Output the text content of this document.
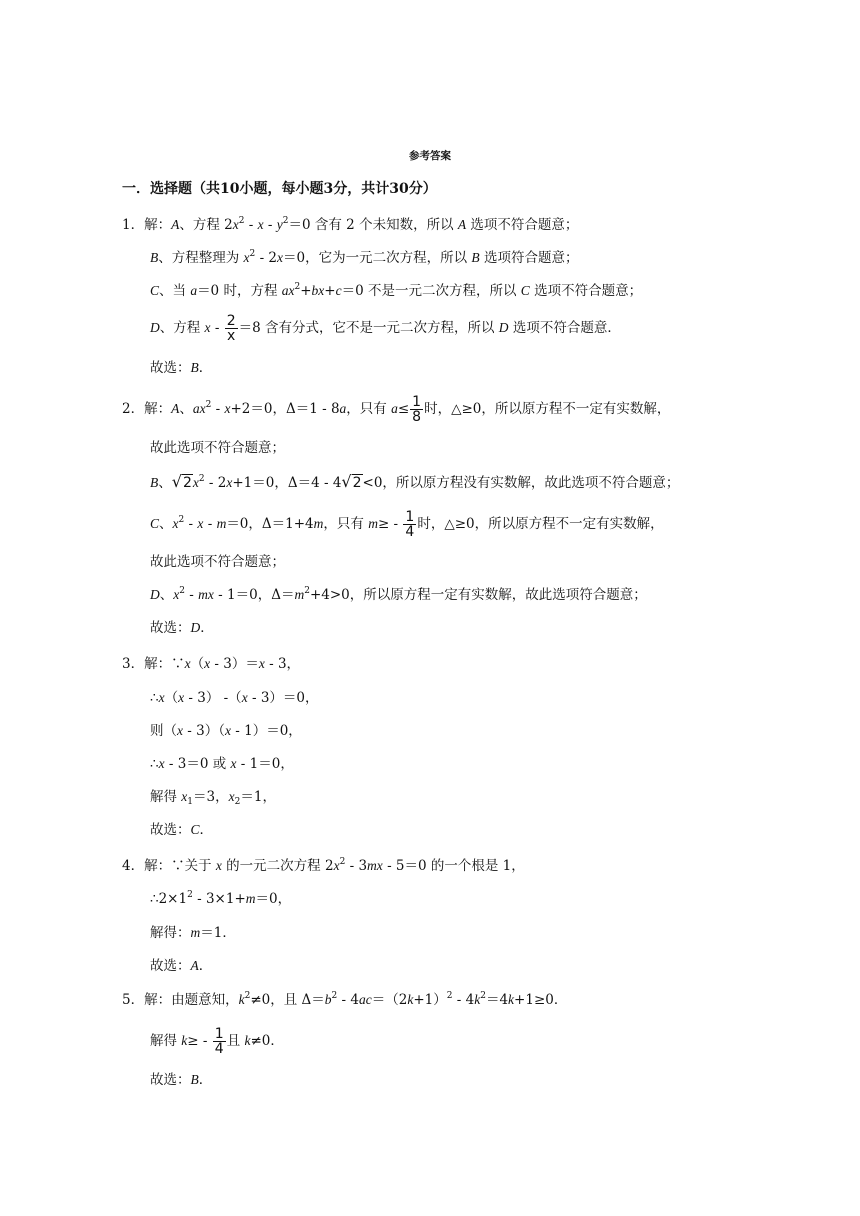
参考答案
一．选择题（共10小题，每小题3分，共计30分）
1．解：A、方程 $2x^2 - x - y^2=0$ 含有 2 个未知数，所以 A 选项不符合题意；
B、方程整理为 $x^2 - 2x=0$，它为一元二次方程，所以 B 选项符合题意；
C、当 a＝0 时，方程 $ax^2+bx+c=0$ 不是一元二次方程，所以 C 选项不符合题意；
D、方程 $x - \frac{2}{x} =8$ 含有分式，它不是一元二次方程，所以 D 选项不符合题意．
故选：B．
2．解：A、$ax^2 - x+2=0$，Δ＝1 - 8a，只有 $a\le \frac{1}{8}$ 时，△≥0，所以原方程不一定有实数解，
故此选项不符合题意；
B、$√2x^2 - 2x+1=0$，Δ＝4 - 4√2<0，所以原方程没有实数解，故此选项不符合题意；
C、$x^2 - x - m=0$，Δ＝1+4m，只有 $m\ge - \frac{1}{4}$ 时，△≥0，所以原方程不一定有实数解，
故此选项不符合题意；
D、$x^2$ - mx - 1＝0，$\Delta=m^2+4>0$，所以原方程一定有实数解，故此选项符合题意；
故选：D．
3．解：∵x（x - 3）＝x - 3，
∴x（x - 3） -（x - 3）＝0，
则（x - 3）（x - 1）＝0，
∴x - 3＝0 或 x - 1＝0，
解得 $x_1=3$，$x_2=1$，
故选：C．
4．解：∵关于 x 的一元二次方程 $2x^2 - 3mx - 5=0$ 的一个根是 1，
$\therefore 2\times 1^2 - 3\times 1+m=0$，
解得：m＝1．
故选：A．
5．解：由题意知，$k^2\ne 0$，且 $\Delta=b^2 - 4ac=(2k+1)^2 - 4k^2=4k+1\ge 0$．
解得 $k\ge - \frac{1}{4}$ 且 k≠0．
故选：B．
